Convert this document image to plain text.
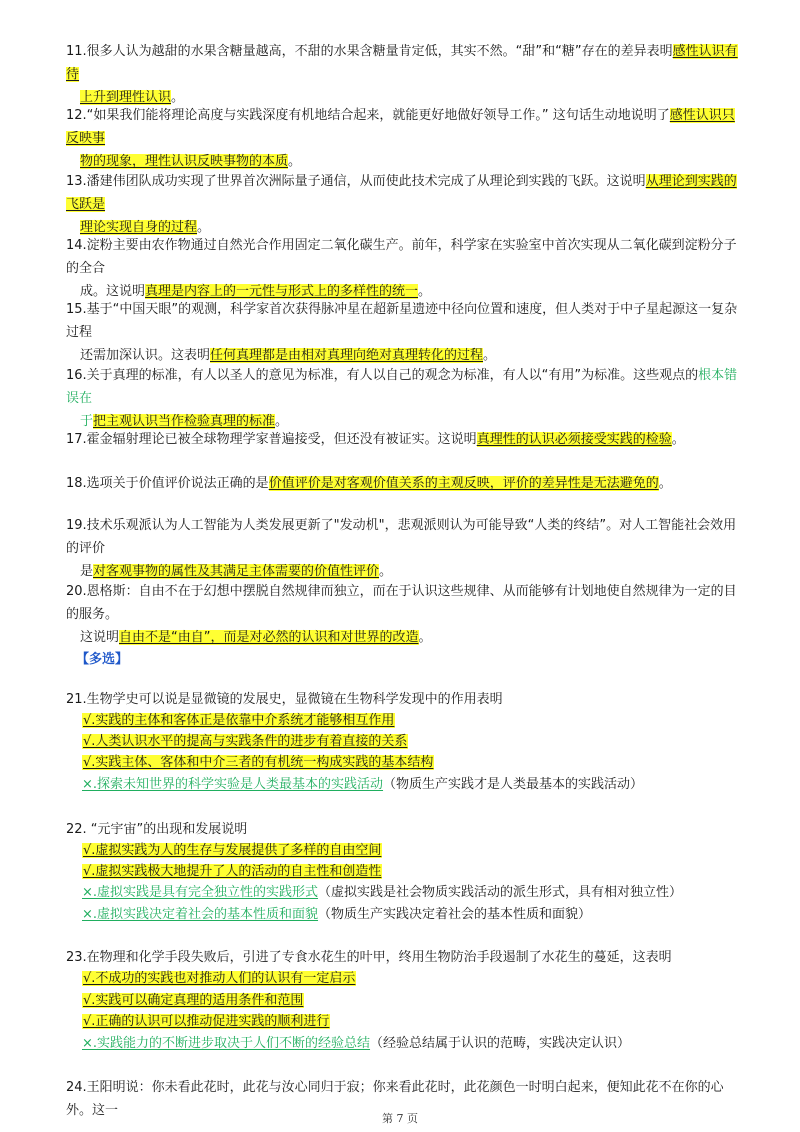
11.很多人认为越甜的水果含糖量越高，不甜的水果含糖量肯定低，其实不然。“甜”和“糖”存在的差异表明感性认识有待
上升到理性认识。

12.“如果我们能将理论高度与实践深度有机地结合起来，就能更好地做好领导工作。” 这句话生动地说明了感性认识只反映事
物的现象，理性认识反映事物的本质。

13.潘建伟团队成功实现了世界首次洲际量子通信，从而使此技术完成了从理论到实践的飞跃。这说明从理论到实践的飞跃是
理论实现自身的过程。

14.淀粉主要由农作物通过自然光合作用固定二氧化碳生产。前年，科学家在实验室中首次实现从二氧化碳到淀粉分子的全合
成。这说明真理是内容上的一元性与形式上的多样性的统一。

15.基于“中国天眼”的观测，科学家首次获得脉冲星在超新星遗迹中径向位置和速度，但人类对于中子星起源这一复杂过程
还需加深认识。这表明任何真理都是由相对真理向绝对真理转化的过程。

16.关于真理的标准，有人以圣人的意见为标准，有人以自己的观念为标准，有人以“有用”为标准。这些观点的根本错误在
于把主观认识当作检验真理的标准。

17.霍金辐射理论已被全球物理学家普遍接受，但还没有被证实。这说明真理性的认识必须接受实践的检验。

18.选项关于价值评价说法正确的是价值评价是对客观价值关系的主观反映，评价的差异性是无法避免的。

19.技术乐观派认为人工智能为人类发展更新了"发动机"，悲观派则认为可能导致“人类的终结”。对人工智能社会效用的评价
是对客观事物的属性及其满足主体需要的价值性评价。

20.恩格斯：自由不在于幻想中摆脱自然规律而独立，而在于认识这些规律、从而能够有计划地使自然规律为一定的目的服务。
这说明自由不是“由自”，而是对必然的认识和对世界的改造。

【多选】

21.生物学史可以说是显微镜的发展史，显微镜在生物科学发现中的作用表明

√.实践的主体和客体正是依靠中介系统才能够相互作用

√.人类认识水平的提高与实践条件的进步有着直接的关系

√.实践主体、客体和中介三者的有机统一构成实践的基本结构

×.探索未知世界的科学实验是人类最基本的实践活动（物质生产实践才是人类最基本的实践活动）

22. “元宇宙”的出现和发展说明

√.虚拟实践为人的生存与发展提供了多样的自由空间

√.虚拟实践极大地提升了人的活动的自主性和创造性

×.虚拟实践是具有完全独立性的实践形式（虚拟实践是社会物质实践活动的派生形式，具有相对独立性）

×.虚拟实践决定着社会的基本性质和面貌（物质生产实践决定着社会的基本性质和面貌）

23.在物理和化学手段失败后，引进了专食水花生的叶甲，终用生物防治手段遏制了水花生的蔓延，这表明

√.不成功的实践也对推动人们的认识有一定启示

√.实践可以确定真理的适用条件和范围

√.正确的认识可以推动促进实践的顺利进行

×.实践能力的不断进步取决于人们不断的经验总结（经验总结属于认识的范畴，实践决定认识）

24.王阳明说：你未看此花时，此花与汝心同归于寂；你来看此花时，此花颜色一时明白起来，便知此花不在你的心外。这一

第 7 页
